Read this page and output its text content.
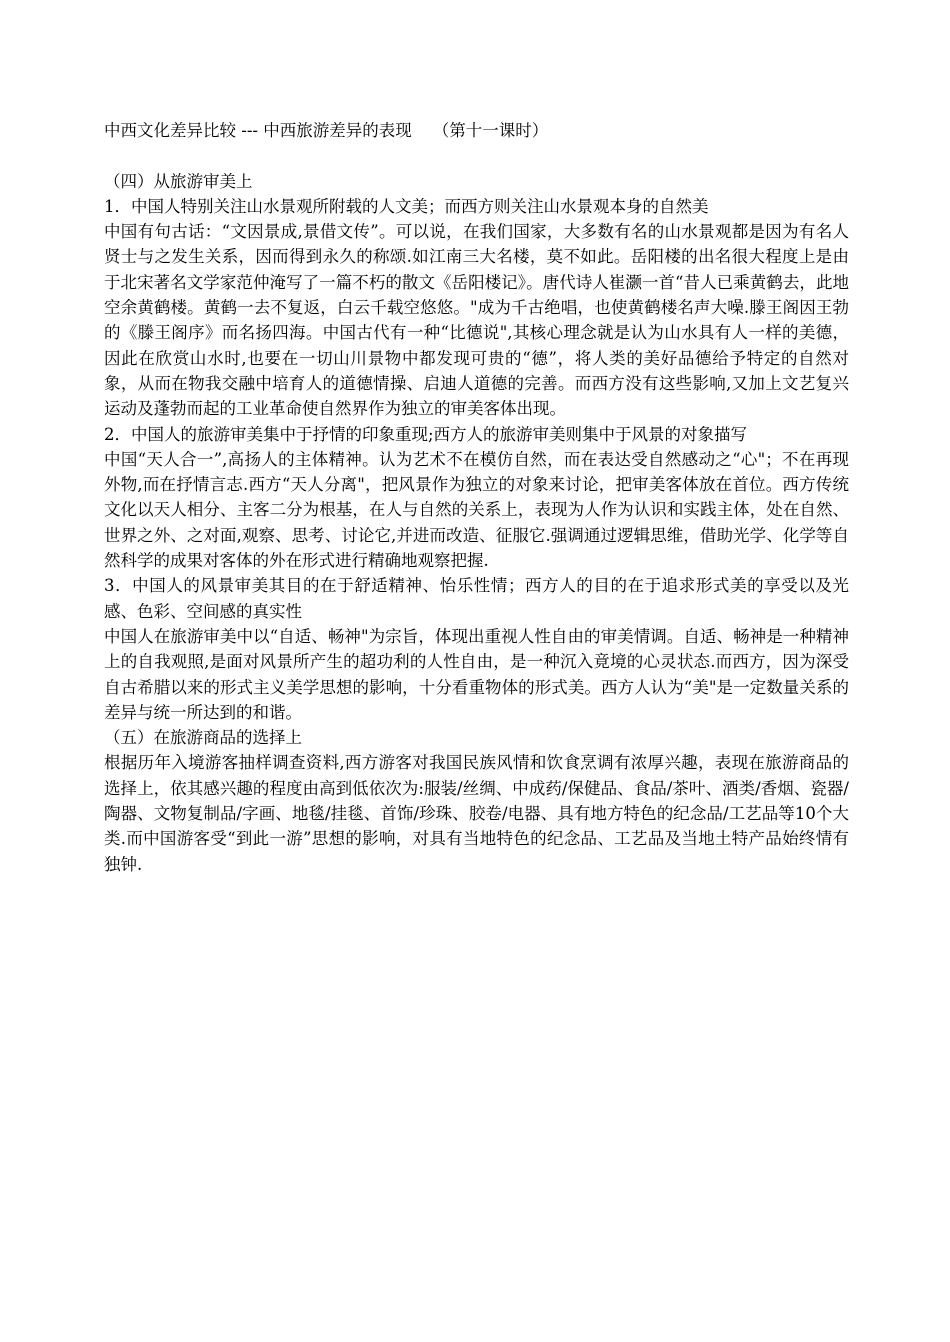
中西文化差异比较 --- 中西旅游差异的表现    （第十一课时）

（四）从旅游审美上

1．中国人特别关注山水景观所附载的人文美；而西方则关注山水景观本身的自然美

中国有句古话：“文因景成,景借文传”。可以说，在我们国家，大多数有名的山水景观都是因为有名人贤士与之发生关系，因而得到永久的称颂.如江南三大名楼，莫不如此。岳阳楼的出名很大程度上是由于北宋著名文学家范仲淹写了一篇不朽的散文《岳阳楼记》。唐代诗人崔灏一首“昔人已乘黄鹤去，此地空余黄鹤楼。黄鹤一去不复返，白云千载空悠悠。"成为千古绝唱，也使黄鹤楼名声大噪.滕王阁因王勃的《滕王阁序》而名扬四海。中国古代有一种“比德说",其核心理念就是认为山水具有人一样的美德，因此在欣赏山水时,也要在一切山川景物中都发现可贵的“德”，将人类的美好品德给予特定的自然对象，从而在物我交融中培育人的道德情操、启迪人道德的完善。而西方没有这些影响,又加上文艺复兴运动及蓬勃而起的工业革命使自然界作为独立的审美客体出现。

2．中国人的旅游审美集中于抒情的印象重现;西方人的旅游审美则集中于风景的对象描写

中国“天人合一”,高扬人的主体精神。认为艺术不在模仿自然，而在表达受自然感动之“心"；不在再现外物,而在抒情言志.西方“天人分离"，把风景作为独立的对象来讨论，把审美客体放在首位。西方传统文化以天人相分、主客二分为根基，在人与自然的关系上，表现为人作为认识和实践主体，处在自然、世界之外、之对面,观察、思考、讨论它,并进而改造、征服它.强调通过逻辑思维，借助光学、化学等自然科学的成果对客体的外在形式进行精确地观察把握.

3．中国人的风景审美其目的在于舒适精神、怡乐性情；西方人的目的在于追求形式美的享受以及光感、色彩、空间感的真实性

中国人在旅游审美中以“自适、畅神"为宗旨，体现出重视人性自由的审美情调。自适、畅神是一种精神上的自我观照,是面对风景所产生的超功利的人性自由，是一种沉入竟境的心灵状态.而西方，因为深受自古希腊以来的形式主义美学思想的影响，十分看重物体的形式美。西方人认为“美"是一定数量关系的差异与统一所达到的和谐。

（五）在旅游商品的选择上

根据历年入境游客抽样调查资料,西方游客对我国民族风情和饮食烹调有浓厚兴趣，表现在旅游商品的选择上，依其感兴趣的程度由高到低依次为:服装/丝绸、中成药/保健品、食品/茶叶、酒类/香烟、瓷器/陶器、文物复制品/字画、地毯/挂毯、首饰/珍珠、胶卷/电器、具有地方特色的纪念品/工艺品等10个大类.而中国游客受“到此一游”思想的影响，对具有当地特色的纪念品、工艺品及当地土特产品始终情有独钟.
